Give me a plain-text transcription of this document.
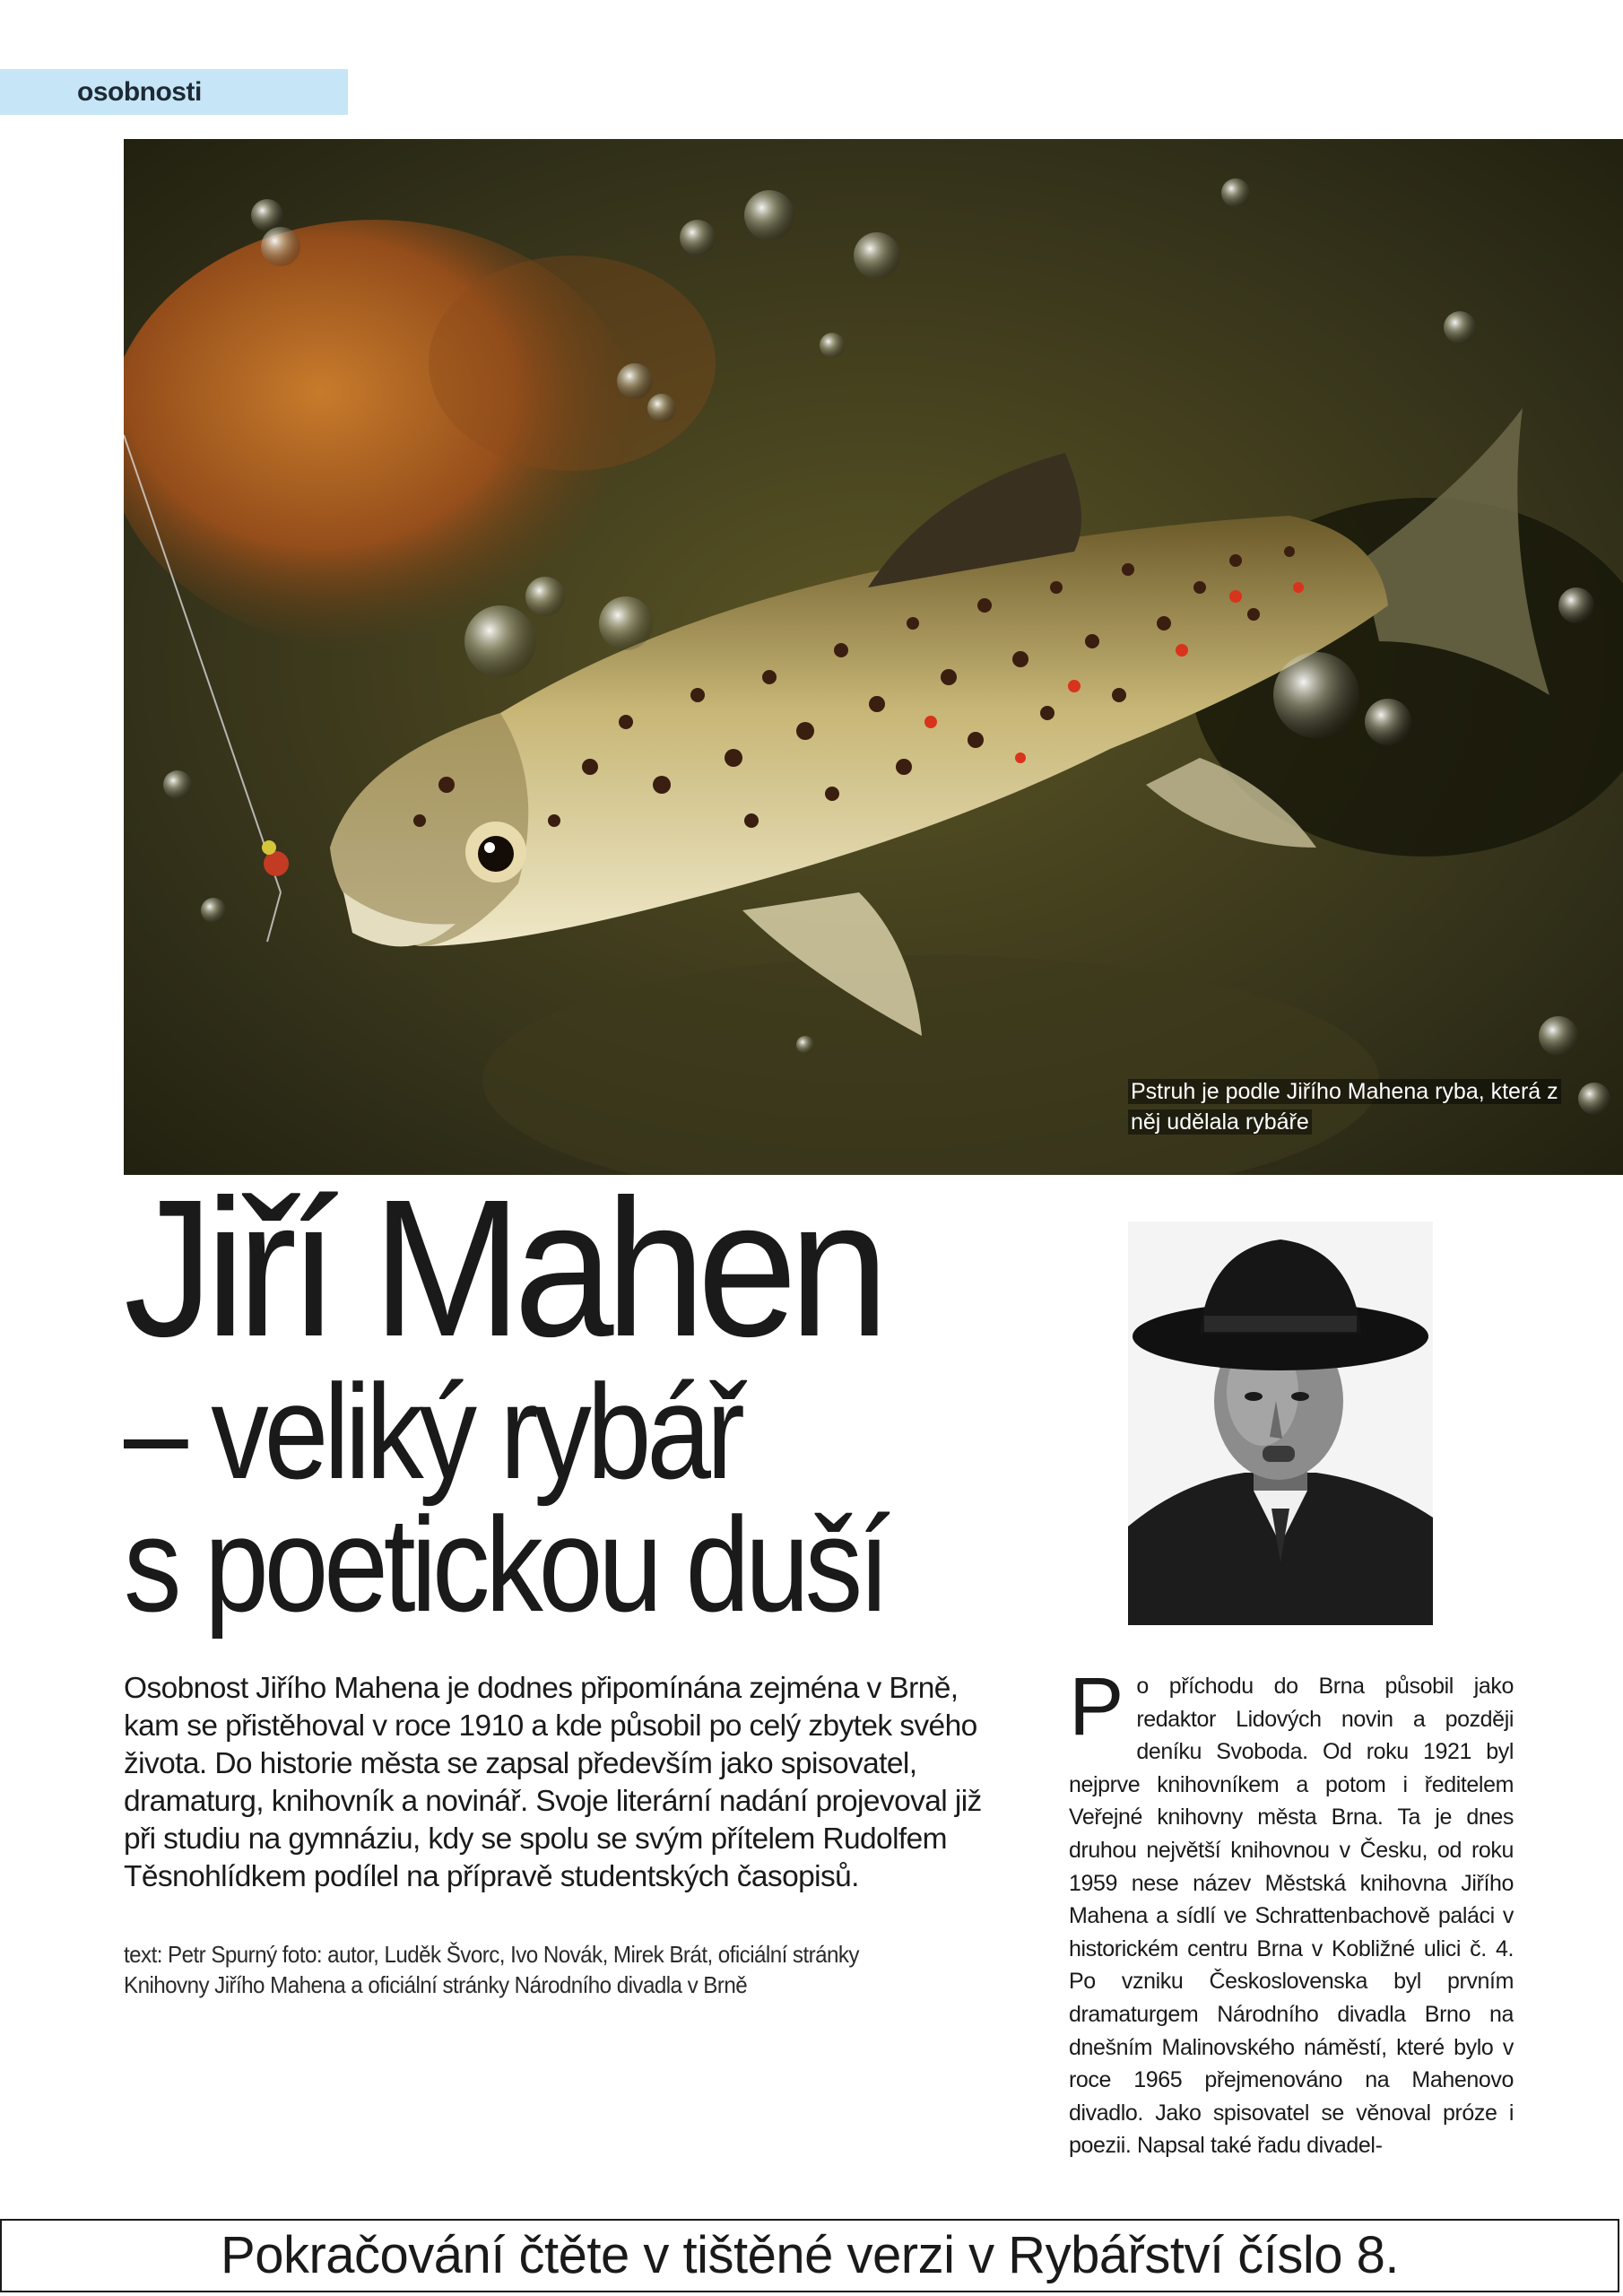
osobnosti
Pstruh je podle Jiřího Mahena ryba, která z něj udělala rybáře
Jiří Mahen
– veliký rybář
s poetickou duší
Osobnost Jiřího Mahena je dodnes připomínána zejména v Brně, kam se přistěhoval v roce 1910 a kde působil po celý zbytek svého života. Do historie města se zapsal především jako spisovatel, dramaturg, knihovník a novinář. Svoje literární nadání projevoval již při studiu na gymnáziu, kdy se spolu se svým přítelem Rudolfem Těsnohlídkem podílel na přípravě studentských časopisů.
text: Petr Spurný foto: autor, Luděk Švorc, Ivo Novák, Mirek Brát, oficiální stránky Knihovny Jiřího Mahena a oficiální stránky Národního divadla v Brně
P o příchodu do Brna působil jako redaktor Lidových novin a později deníku Svoboda. Od roku 1921 byl nejprve knihovníkem a potom i ředitelem Veřejné knihovny města Brna. Ta je dnes druhou největší knihovnou v Česku, od roku 1959 nese název Městská knihovna Jiřího Mahena a sídlí ve Schrattenbachově paláci v historickém centru Brna v Kobližné ulici č. 4. Po vzniku Československa byl prvním dramaturgem Národního divadla Brno na dnešním Malinovského náměstí, které bylo v roce 1965 přejmenováno na Mahenovo divadlo. Jako spisovatel se věnoval próze i poezii. Napsal také řadu divadel-
Pokračování čtěte v tištěné verzi v Rybářství číslo 8.
